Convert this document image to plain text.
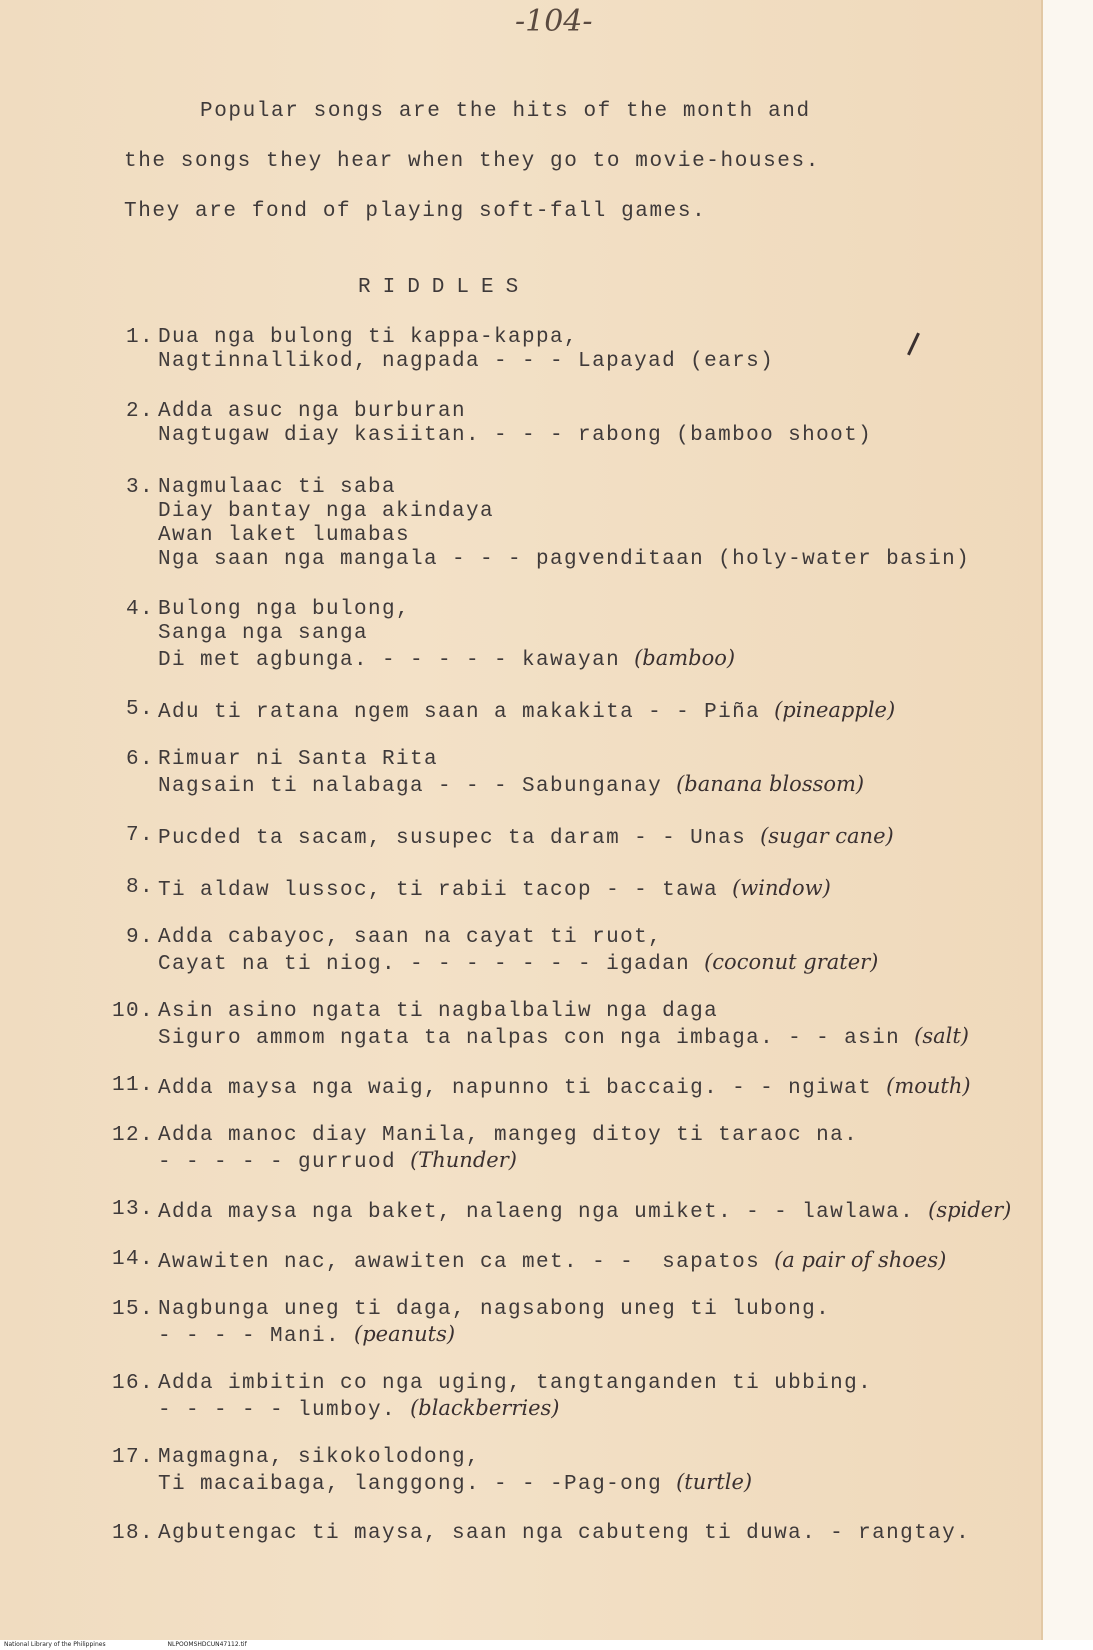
-104-

Popular songs are the hits of the month and

the songs they hear when they go to movie-houses.

They are fond of playing soft-fall games.

RIDDLES
1. Dua nga bulong ti kappa-kappa,
Nagtinnallikod, nagpada - - - Lapayad (ears)
2. Adda asuc nga burburan
Nagtugaw diay kasiitan. - - - rabong (bamboo shoot)
3. Nagmulaac ti saba
Diay bantay nga akindaya
Awan laket lumabas
Nga saan nga mangala - - - pagvenditaan (holy-water basin)
4. Bulong nga bulong,
Sanga nga sanga
Di met agbunga. - - - - - kawayan (bamboo)
5. Adu ti ratana ngem saan a makakita - - Piña (pineapple)
6. Rimuar ni Santa Rita
Nagsain ti nalabaga - - - Sabunganay (banana blossom)
7. Pucded ta sacam, susupec ta daram - - Unas (sugar cane)
8. Ti aldaw lussoc, ti rabii tacop - - tawa (window)
9. Adda cabayoc, saan na cayat ti ruot,
Cayat na ti niog. - - - - - - - igadan (coconut grater)
10. Asin asino ngata ti nagbalbaliw nga daga
Siguro ammom ngata ta nalpas con nga imbaga. - - asin (salt)
11. Adda maysa nga waig, napunno ti baccaig. - - ngiwat (mouth)
12. Adda manoc diay Manila, mangeg ditoy ti taraoc na.
- - - - - gurruod (Thunder)
13. Adda maysa nga baket, nalaeng nga umiket. - - lawlawa. (spider)
14. Awawiten nac, awawiten ca met. - -  sapatos (a pair of shoes)
15. Nagbunga uneg ti daga, nagsabong uneg ti lubong.
- - - - Mani. (peanuts)
16. Adda imbitin co nga uging, tangtanganden ti ubbing.
- - - - - lumboy. (blackberries)
17. Magmagna, sikokolodong,
Ti macaibaga, langgong. - - -Pag-ong (turtle)
18. Agbutengac ti maysa, saan nga cabuteng ti duwa. - rangtay.
National Library of the Philippines	NLPOOMSHDCUN47112.tif
